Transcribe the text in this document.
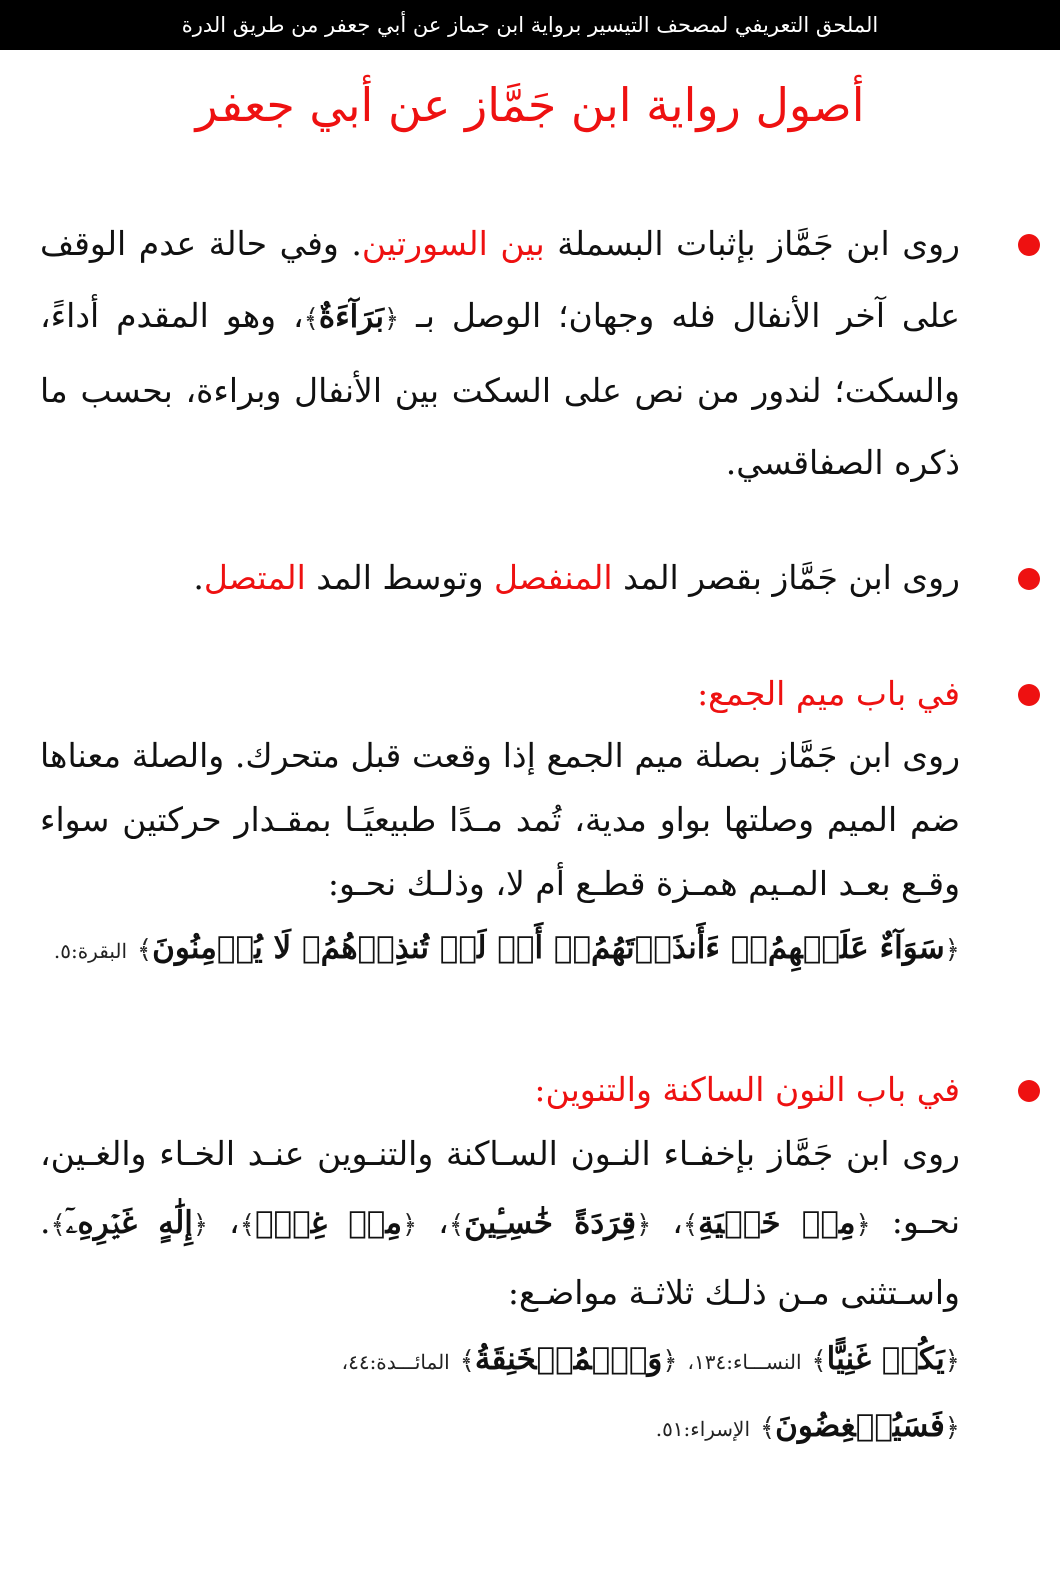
الملحق التعريفي لمصحف التيسير برواية ابن جماز عن أبي جعفر من طريق الدرة
أصول رواية ابن جَمَّاز عن أبي جعفر
روى ابن جَمَّاز بإثبات البسملة بين السورتين. وفي حالة عدم الوقف على آخر الأنفال فله وجهان؛ الوصل بـ ﴿بَرَآءَةٌ﴾، وهو المقدم أداءً، والسكت؛ لندور من نص على السكت بين الأنفال وبراءة، بحسب ما ذكره الصفاقسي.
روى ابن جَمَّاز بقصر المد المنفصل وتوسط المد المتصل.
في باب ميم الجمع:
روى ابن جَمَّاز بصلة ميم الجمع إذا وقعت قبل متحرك. والصلة معناها ضم الميم وصلتها بواو مدية، تُمد مـدًا طبيعيًـا بمقـدار حركتين سواء وقـع بعـد المـيم همـزة قطـع أم لا، وذلـك نحـو:
﴿سَوَآءٌ عَلَيۡهِمُۥٓ ءَأَنذَرۡتَهُمُۥٓ أَمۡ لَمۡ تُنذِرۡهُمُۥ لَا يُؤۡمِنُونَ﴾ البقرة:٥.
في باب النون الساكنة والتنوين:
روى ابن جَمَّاز بإخفـاء النـون السـاكنة والتنـوين عنـد الخـاء والغـين، نحـو: ﴿مِنۡ خَشۡيَةِ﴾، ﴿قِرَدَةً خَٰسِـِٔينَ﴾، ﴿مِنۡ غِلّٖ﴾، ﴿إِلَٰهٍ غَيۡرِهِۦٓ﴾. واسـتثنى مـن ذلـك ثلاثـة مواضـع:
﴿يَكُنۡ غَنِيًّا﴾ النســـاء:١٣٤، ﴿وَٱلۡمُنۡخَنِقَةُ﴾ المائـــدة:٤٤،
﴿فَسَيُنۡغِضُونَ﴾ الإسراء:٥١.
